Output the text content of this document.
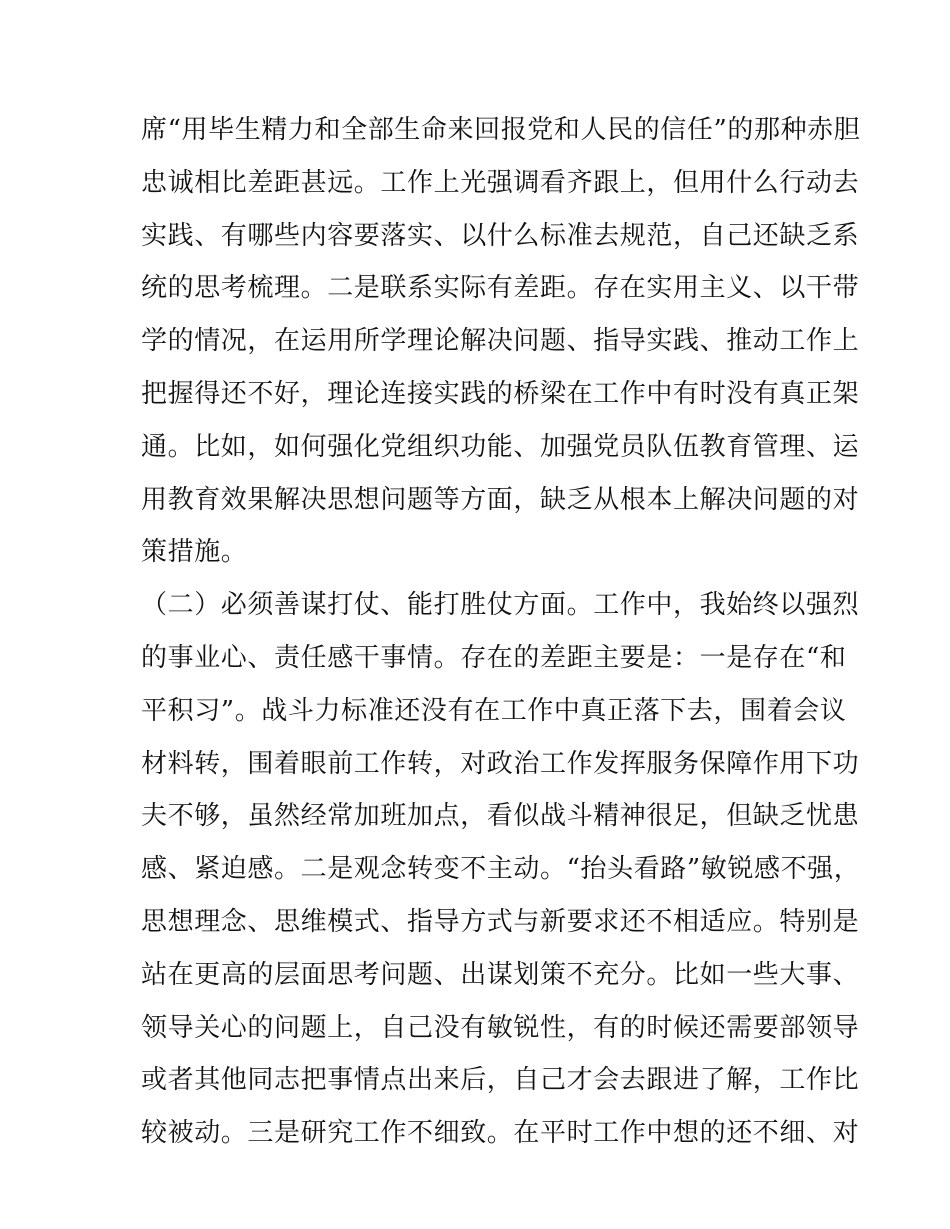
席“用毕生精力和全部生命来回报党和人民的信任”的那种赤胆
忠诚相比差距甚远。工作上光强调看齐跟上，但用什么行动去
实践、有哪些内容要落实、以什么标准去规范，自己还缺乏系
统的思考梳理。二是联系实际有差距。存在实用主义、以干带
学的情况，在运用所学理论解决问题、指导实践、推动工作上
把握得还不好，理论连接实践的桥梁在工作中有时没有真正架
通。比如，如何强化党组织功能、加强党员队伍教育管理、运
用教育效果解决思想问题等方面，缺乏从根本上解决问题的对
策措施。
（二）必须善谋打仗、能打胜仗方面。工作中，我始终以强烈
的事业心、责任感干事情。存在的差距主要是：一是存在“和
平积习”。战斗力标准还没有在工作中真正落下去，围着会议
材料转，围着眼前工作转，对政治工作发挥服务保障作用下功
夫不够，虽然经常加班加点，看似战斗精神很足，但缺乏忧患
感、紧迫感。二是观念转变不主动。“抬头看路”敏锐感不强，
思想理念、思维模式、指导方式与新要求还不相适应。特别是
站在更高的层面思考问题、出谋划策不充分。比如一些大事、
领导关心的问题上，自己没有敏锐性，有的时候还需要部领导
或者其他同志把事情点出来后，自己才会去跟进了解，工作比
较被动。三是研究工作不细致。在平时工作中想的还不细、对
